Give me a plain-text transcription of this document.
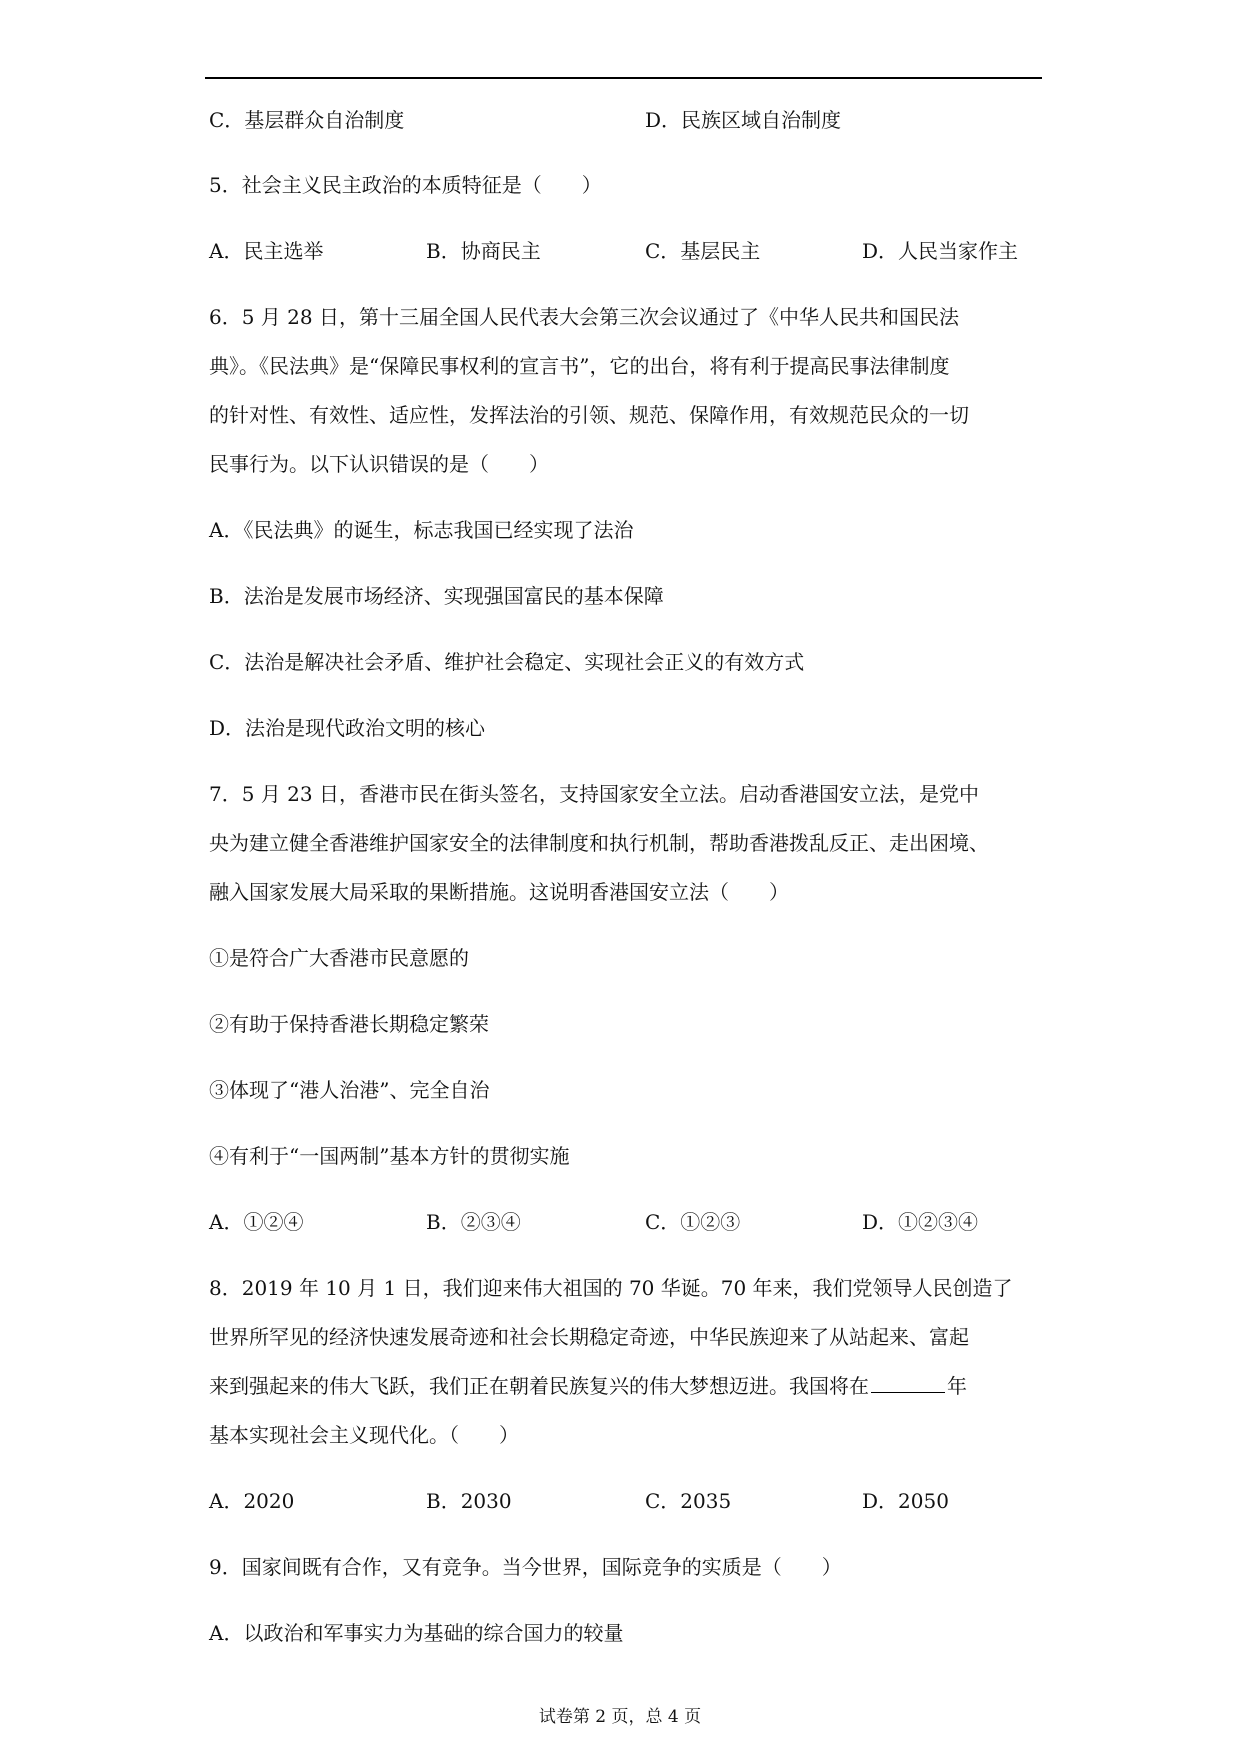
C．基层群众自治制度	D．民族区域自治制度

5．社会主义民主政治的本质特征是（　　）

A．民主选举	B．协商民主	C．基层民主	D．人民当家作主

6．5 月 28 日，第十三届全国人民代表大会第三次会议通过了《中华人民共和国民法

典》。《民法典》是“保障民事权利的宣言书”，它的出台，将有利于提高民事法律制度

的针对性、有效性、适应性，发挥法治的引领、规范、保障作用，有效规范民众的一切

民事行为。以下认识错误的是（　　）

A．《民法典》的诞生，标志我国已经实现了法治

B．法治是发展市场经济、实现强国富民的基本保障

C．法治是解决社会矛盾、维护社会稳定、实现社会正义的有效方式

D．法治是现代政治文明的核心

7．5 月 23 日，香港市民在街头签名，支持国家安全立法。启动香港国安立法，是党中

央为建立健全香港维护国家安全的法律制度和执行机制，帮助香港拨乱反正、走出困境、

融入国家发展大局采取的果断措施。这说明香港国安立法（　　）

①是符合广大香港市民意愿的

②有助于保持香港长期稳定繁荣

③体现了“港人治港”、完全自治

④有利于“一国两制”基本方针的贯彻实施

A．①②④	B．②③④	C．①②③	D．①②③④

8．2019 年 10 月 1 日，我们迎来伟大祖国的 70 华诞。70 年来，我们党领导人民创造了

世界所罕见的经济快速发展奇迹和社会长期稳定奇迹，中华民族迎来了从站起来、富起

来到强起来的伟大飞跃，我们正在朝着民族复兴的伟大梦想迈进。我国将在	年

基本实现社会主义现代化。（　　）

A．2020	B．2030	C．2035	D．2050

9．国家间既有合作，又有竞争。当今世界，国际竞争的实质是（　　）

A．以政治和军事实力为基础的综合国力的较量

试卷第 2 页，总 4 页
